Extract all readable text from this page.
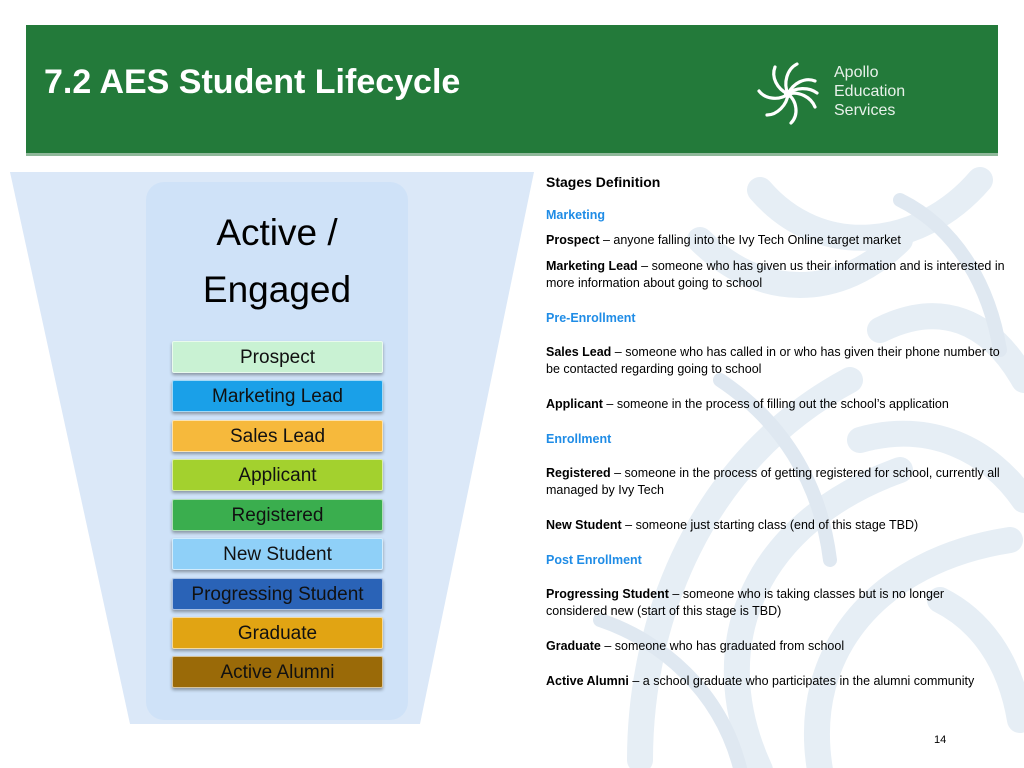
7.2 AES Student Lifecycle	Apollo
Education
Services
Active /
Engaged
Prospect
Marketing Lead
Sales Lead
Applicant
Registered
New Student
Progressing Student
Graduate
Active Alumni
Stages Definition
Marketing
Prospect – anyone falling into the Ivy Tech Online target market
Marketing Lead – someone who has given us their information and is interested in more information about going to school
Pre-Enrollment
Sales Lead – someone who has called in or who has given their phone number to be contacted regarding going to school
Applicant – someone in the process of filling out the school’s application
Enrollment
Registered – someone in the process of getting registered for school, currently all managed by Ivy Tech
New Student – someone just starting class (end of this stage TBD)
Post Enrollment
Progressing Student – someone who is taking classes but is no longer considered new (start of this stage is TBD)
Graduate – someone who has graduated from school
Active Alumni – a school graduate who participates in the alumni community
14
